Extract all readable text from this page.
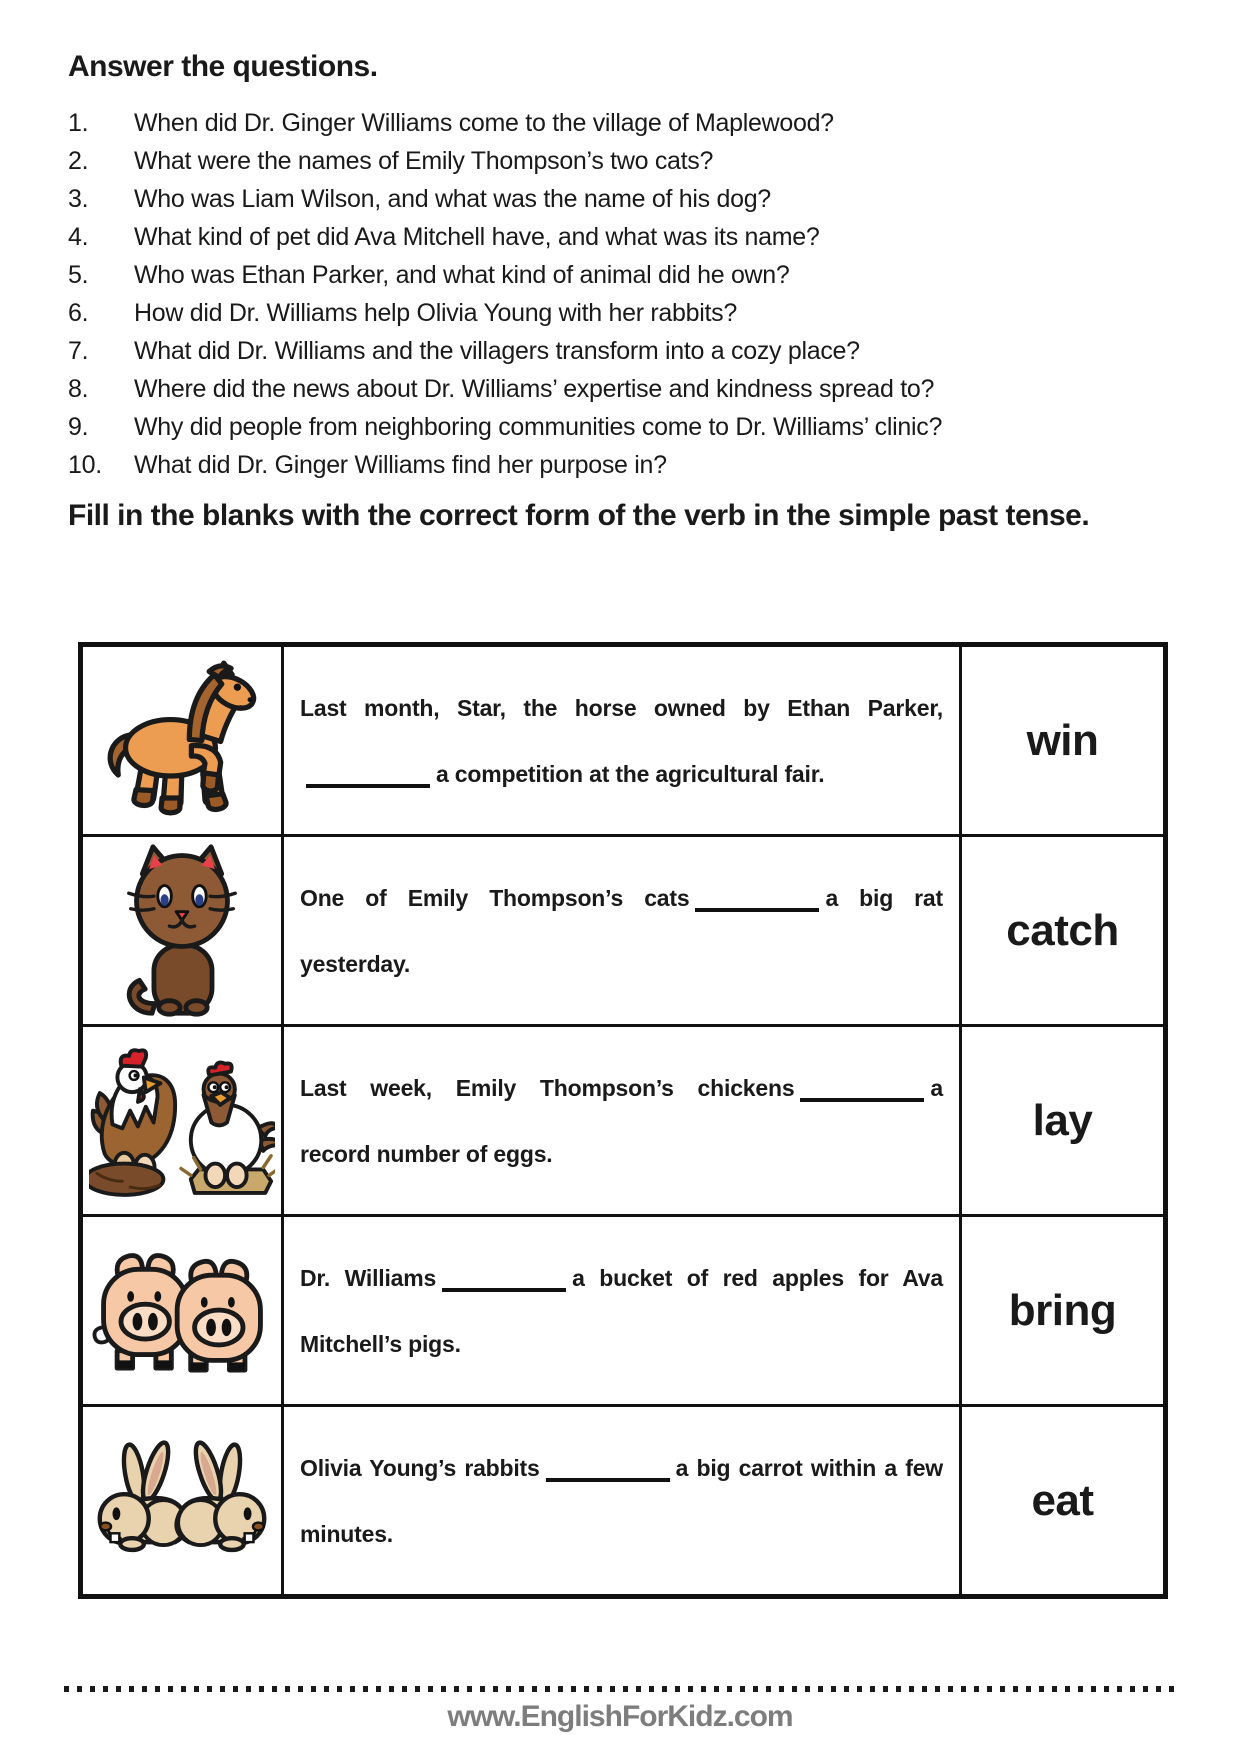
Answer the questions.
1.	When did Dr. Ginger Williams come to the village of Maplewood?
2.	What were the names of Emily Thompson’s two cats?
3.	Who was Liam Wilson, and what was the name of his dog?
4.	What kind of pet did Ava Mitchell have, and what was its name?
5.	Who was Ethan Parker, and what kind of animal did he own?
6.	How did Dr. Williams help Olivia Young with her rabbits?
7.	What did Dr. Williams and the villagers transform into a cozy place?
8.	Where did the news about Dr. Williams’ expertise and kindness spread to?
9.	Why did people from neighboring communities come to Dr. Williams’ clinic?
10.	What did Dr. Ginger Williams find her purpose in?
Fill in the blanks with the correct form of the verb in the simple past tense.
	Last month, Star, the horse owned by Ethan Parker,a competition at the agricultural fair.	win

	One of Emily Thompson’s cats a big rat yesterday.	catch

	Last week, Emily Thompson’s chickens a record number of eggs.	lay

	Dr. Williams a bucket of red apples for Ava Mitchell’s pigs.	bring

	Olivia Young’s rabbits a big carrot within a few minutes.	eat
www.EnglishForKidz.com
